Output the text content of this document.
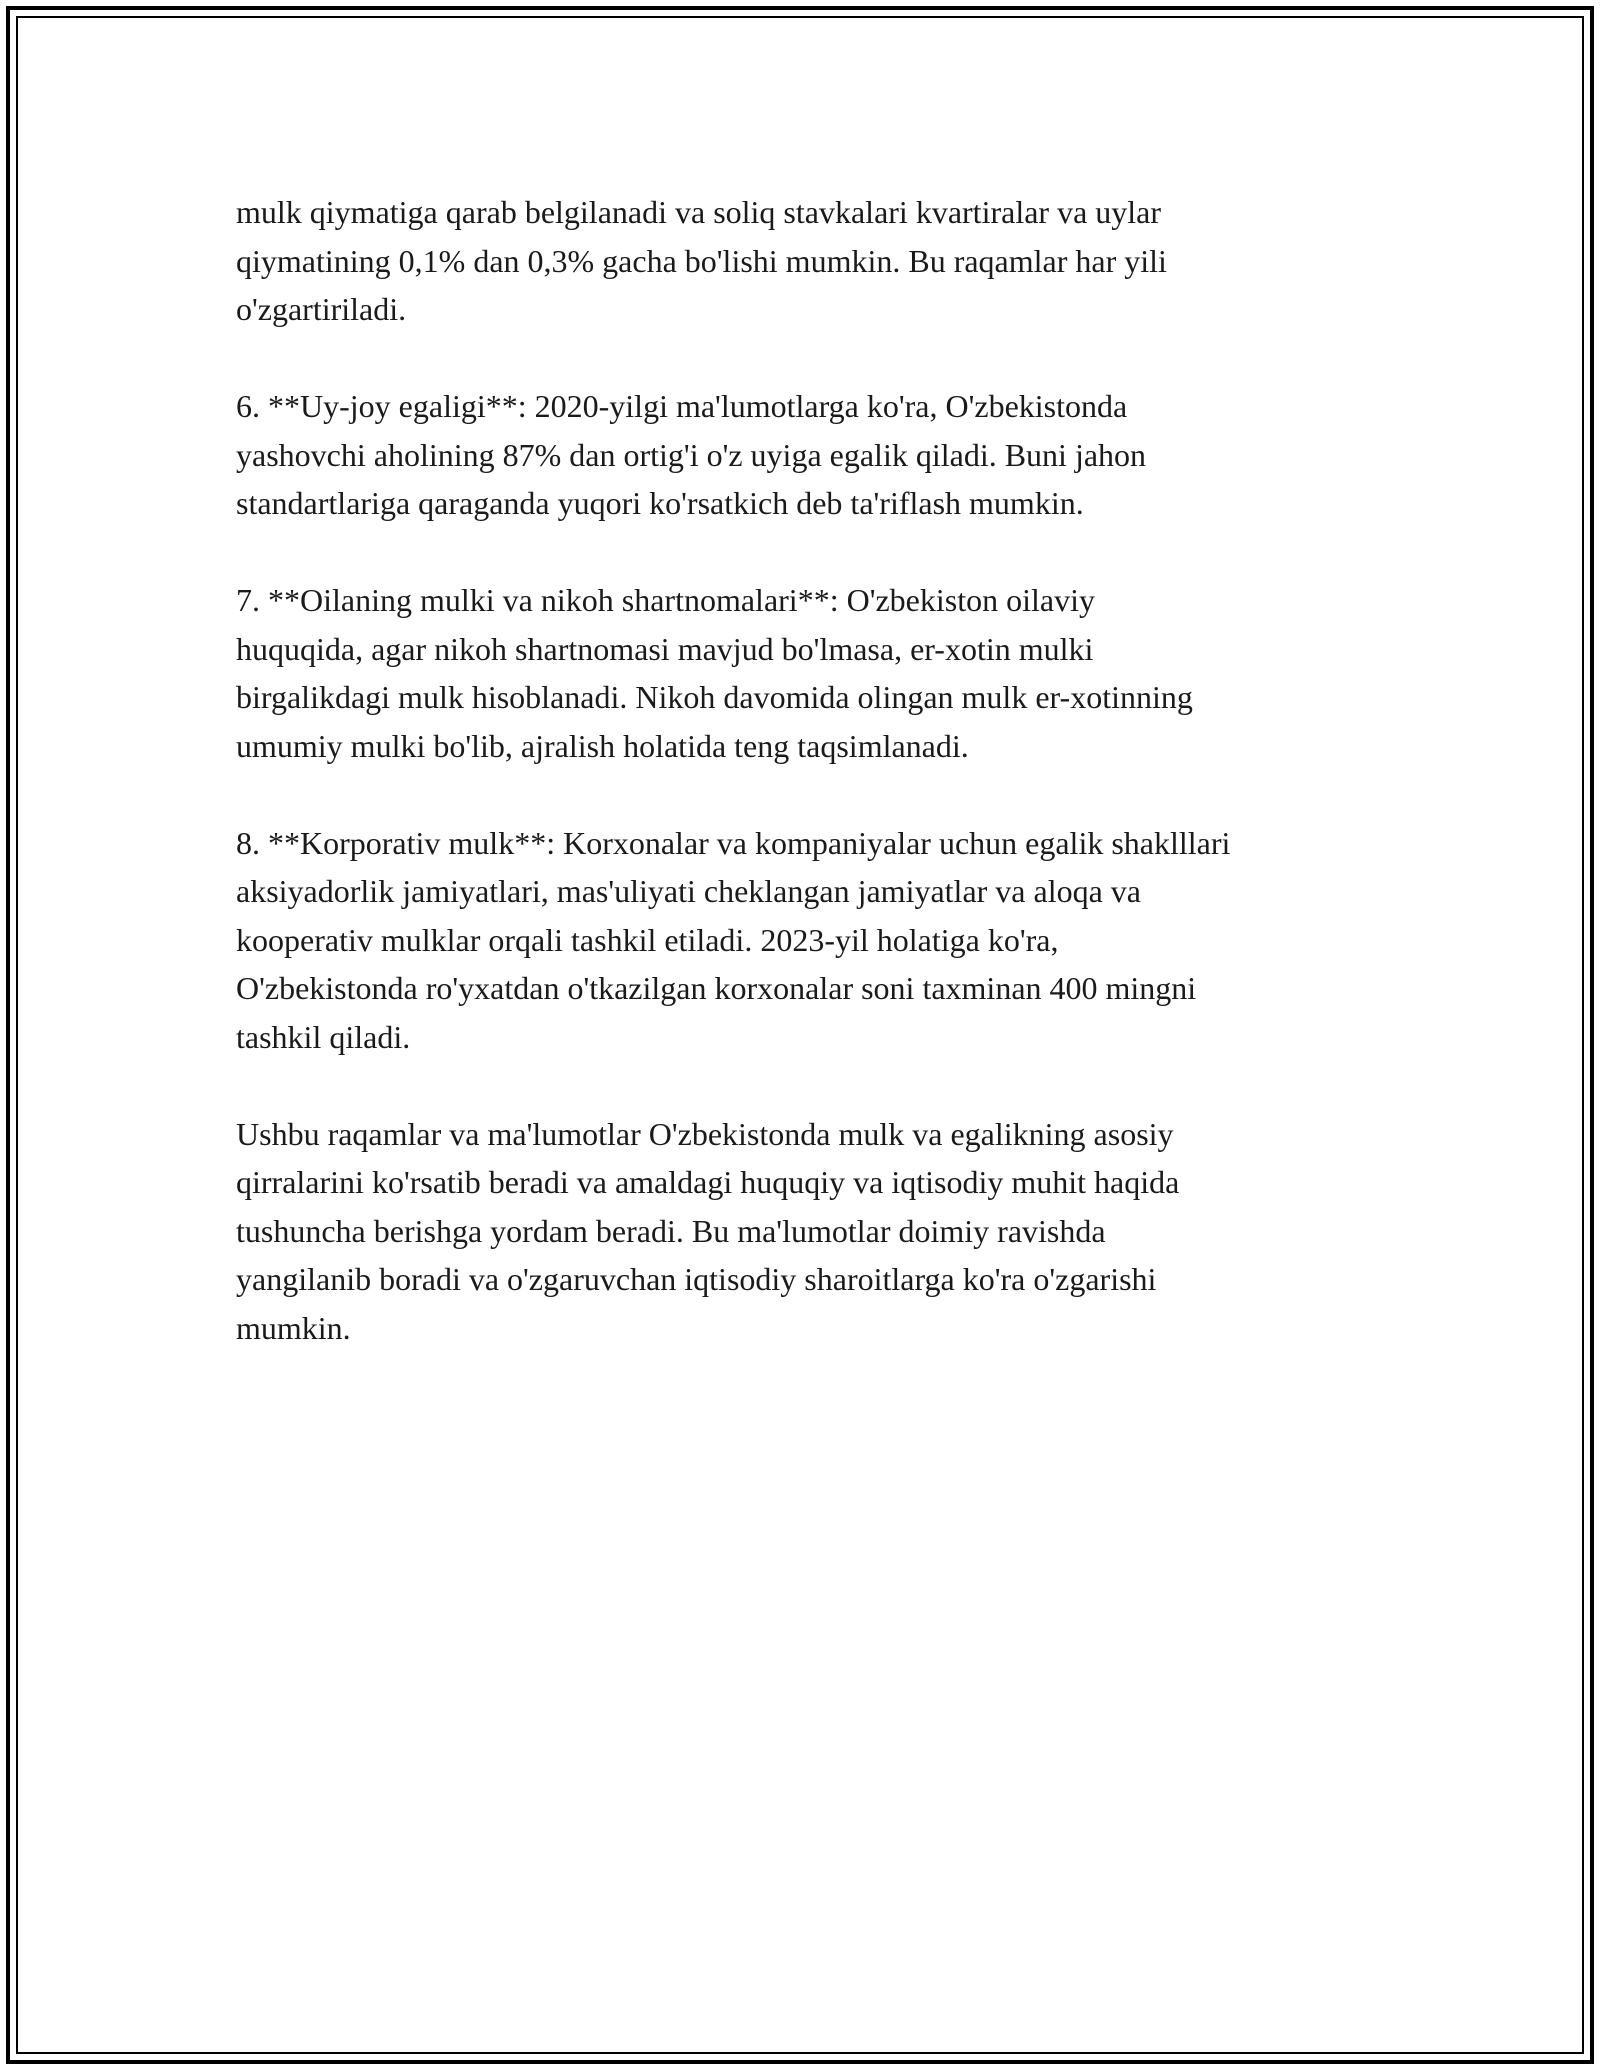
mulk qiymatiga qarab belgilanadi va soliq stavkalari kvartiralar va uylar
qiymatining 0,1% dan 0,3% gacha bo'lishi mumkin. Bu raqamlar har yili
o'zgartiriladi.

6. **Uy-joy egaligi**: 2020-yilgi ma'lumotlarga ko'ra, O'zbekistonda
yashovchi aholining 87% dan ortig'i o'z uyiga egalik qiladi. Buni jahon
standartlariga qaraganda yuqori ko'rsatkich deb ta'riflash mumkin.

7. **Oilaning mulki va nikoh shartnomalari**: O'zbekiston oilaviy
huquqida, agar nikoh shartnomasi mavjud bo'lmasa, er-xotin mulki
birgalikdagi mulk hisoblanadi. Nikoh davomida olingan mulk er-xotinning
umumiy mulki bo'lib, ajralish holatida teng taqsimlanadi.

8. **Korporativ mulk**: Korxonalar va kompaniyalar uchun egalik shaklllari
aksiyadorlik jamiyatlari, mas'uliyati cheklangan jamiyatlar va aloqa va
kooperativ mulklar orqali tashkil etiladi. 2023-yil holatiga ko'ra,
O'zbekistonda ro'yxatdan o'tkazilgan korxonalar soni taxminan 400 mingni
tashkil qiladi.

Ushbu raqamlar va ma'lumotlar O'zbekistonda mulk va egalikning asosiy
qirralarini ko'rsatib beradi va amaldagi huquqiy va iqtisodiy muhit haqida
tushuncha berishga yordam beradi. Bu ma'lumotlar doimiy ravishda
yangilanib boradi va o'zgaruvchan iqtisodiy sharoitlarga ko'ra o'zgarishi
mumkin.
